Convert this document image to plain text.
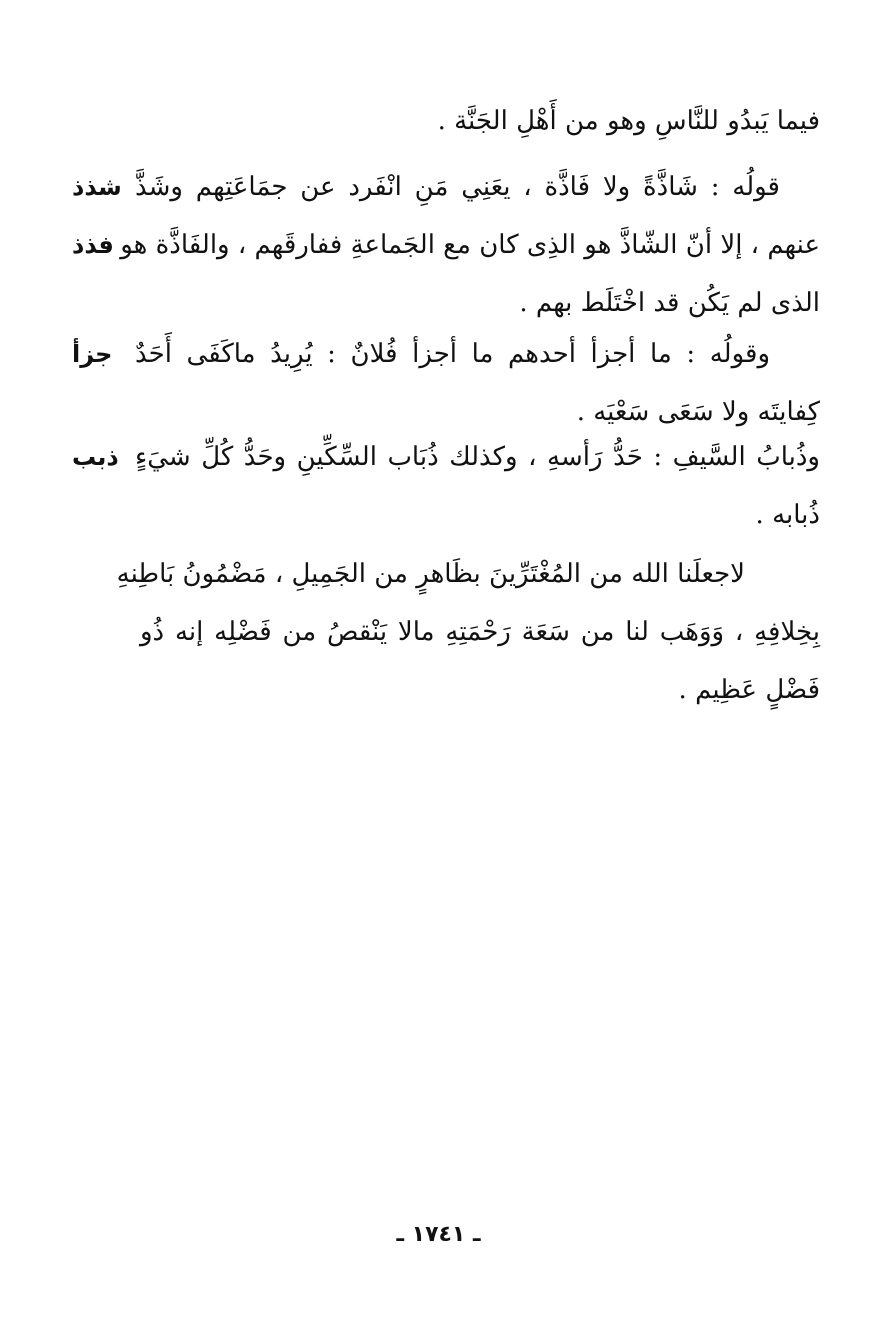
فيما يَبدُو للنَّاسِ وهو من أَهْلِ الجَنَّة .
قولُه : شَاذَّةً ولا فَاذَّة ، يعَنِي مَنِ انْفَرد عن جمَاعَتِهم وشَذَّ
عنهم ، إلا أنّ الشّاذَّ هو الذِى كان مع الجَماعةِ ففارقَهم ، والفَاذَّة هو
الذى لم يَكُن قد اخْتَلَط بهم .
شذذ
فذذ
وقولُه : ما أجزأ أحدهم ما أجزأ فُلانٌ : يُرِيدُ ماكَفَى أَحَدٌ
كِفايتَه ولا سَعَى سَعْيَه .
جزأ
وذُبابُ السَّيفِ : حَدُّ رَأسهِ ، وكذلك ذُبَاب السِّكِّينِ وحَدُّ كُلِّ شيَءٍ
ذُبابه .
ذبب
لاجعلَنا الله من المُغْتَرِّينَ بظَاهرٍ من الجَمِيلِ ، مَضْمُونُ بَاطِنهِ
بِخِلافِهِ ، وَوَهَب لنا من سَعَة رَحْمَتِهِ مالا يَنْقصُ من فَضْلِه إنه ذُو
فَضْلٍ عَظِيم .
ـ ١٧٤١ ـ
